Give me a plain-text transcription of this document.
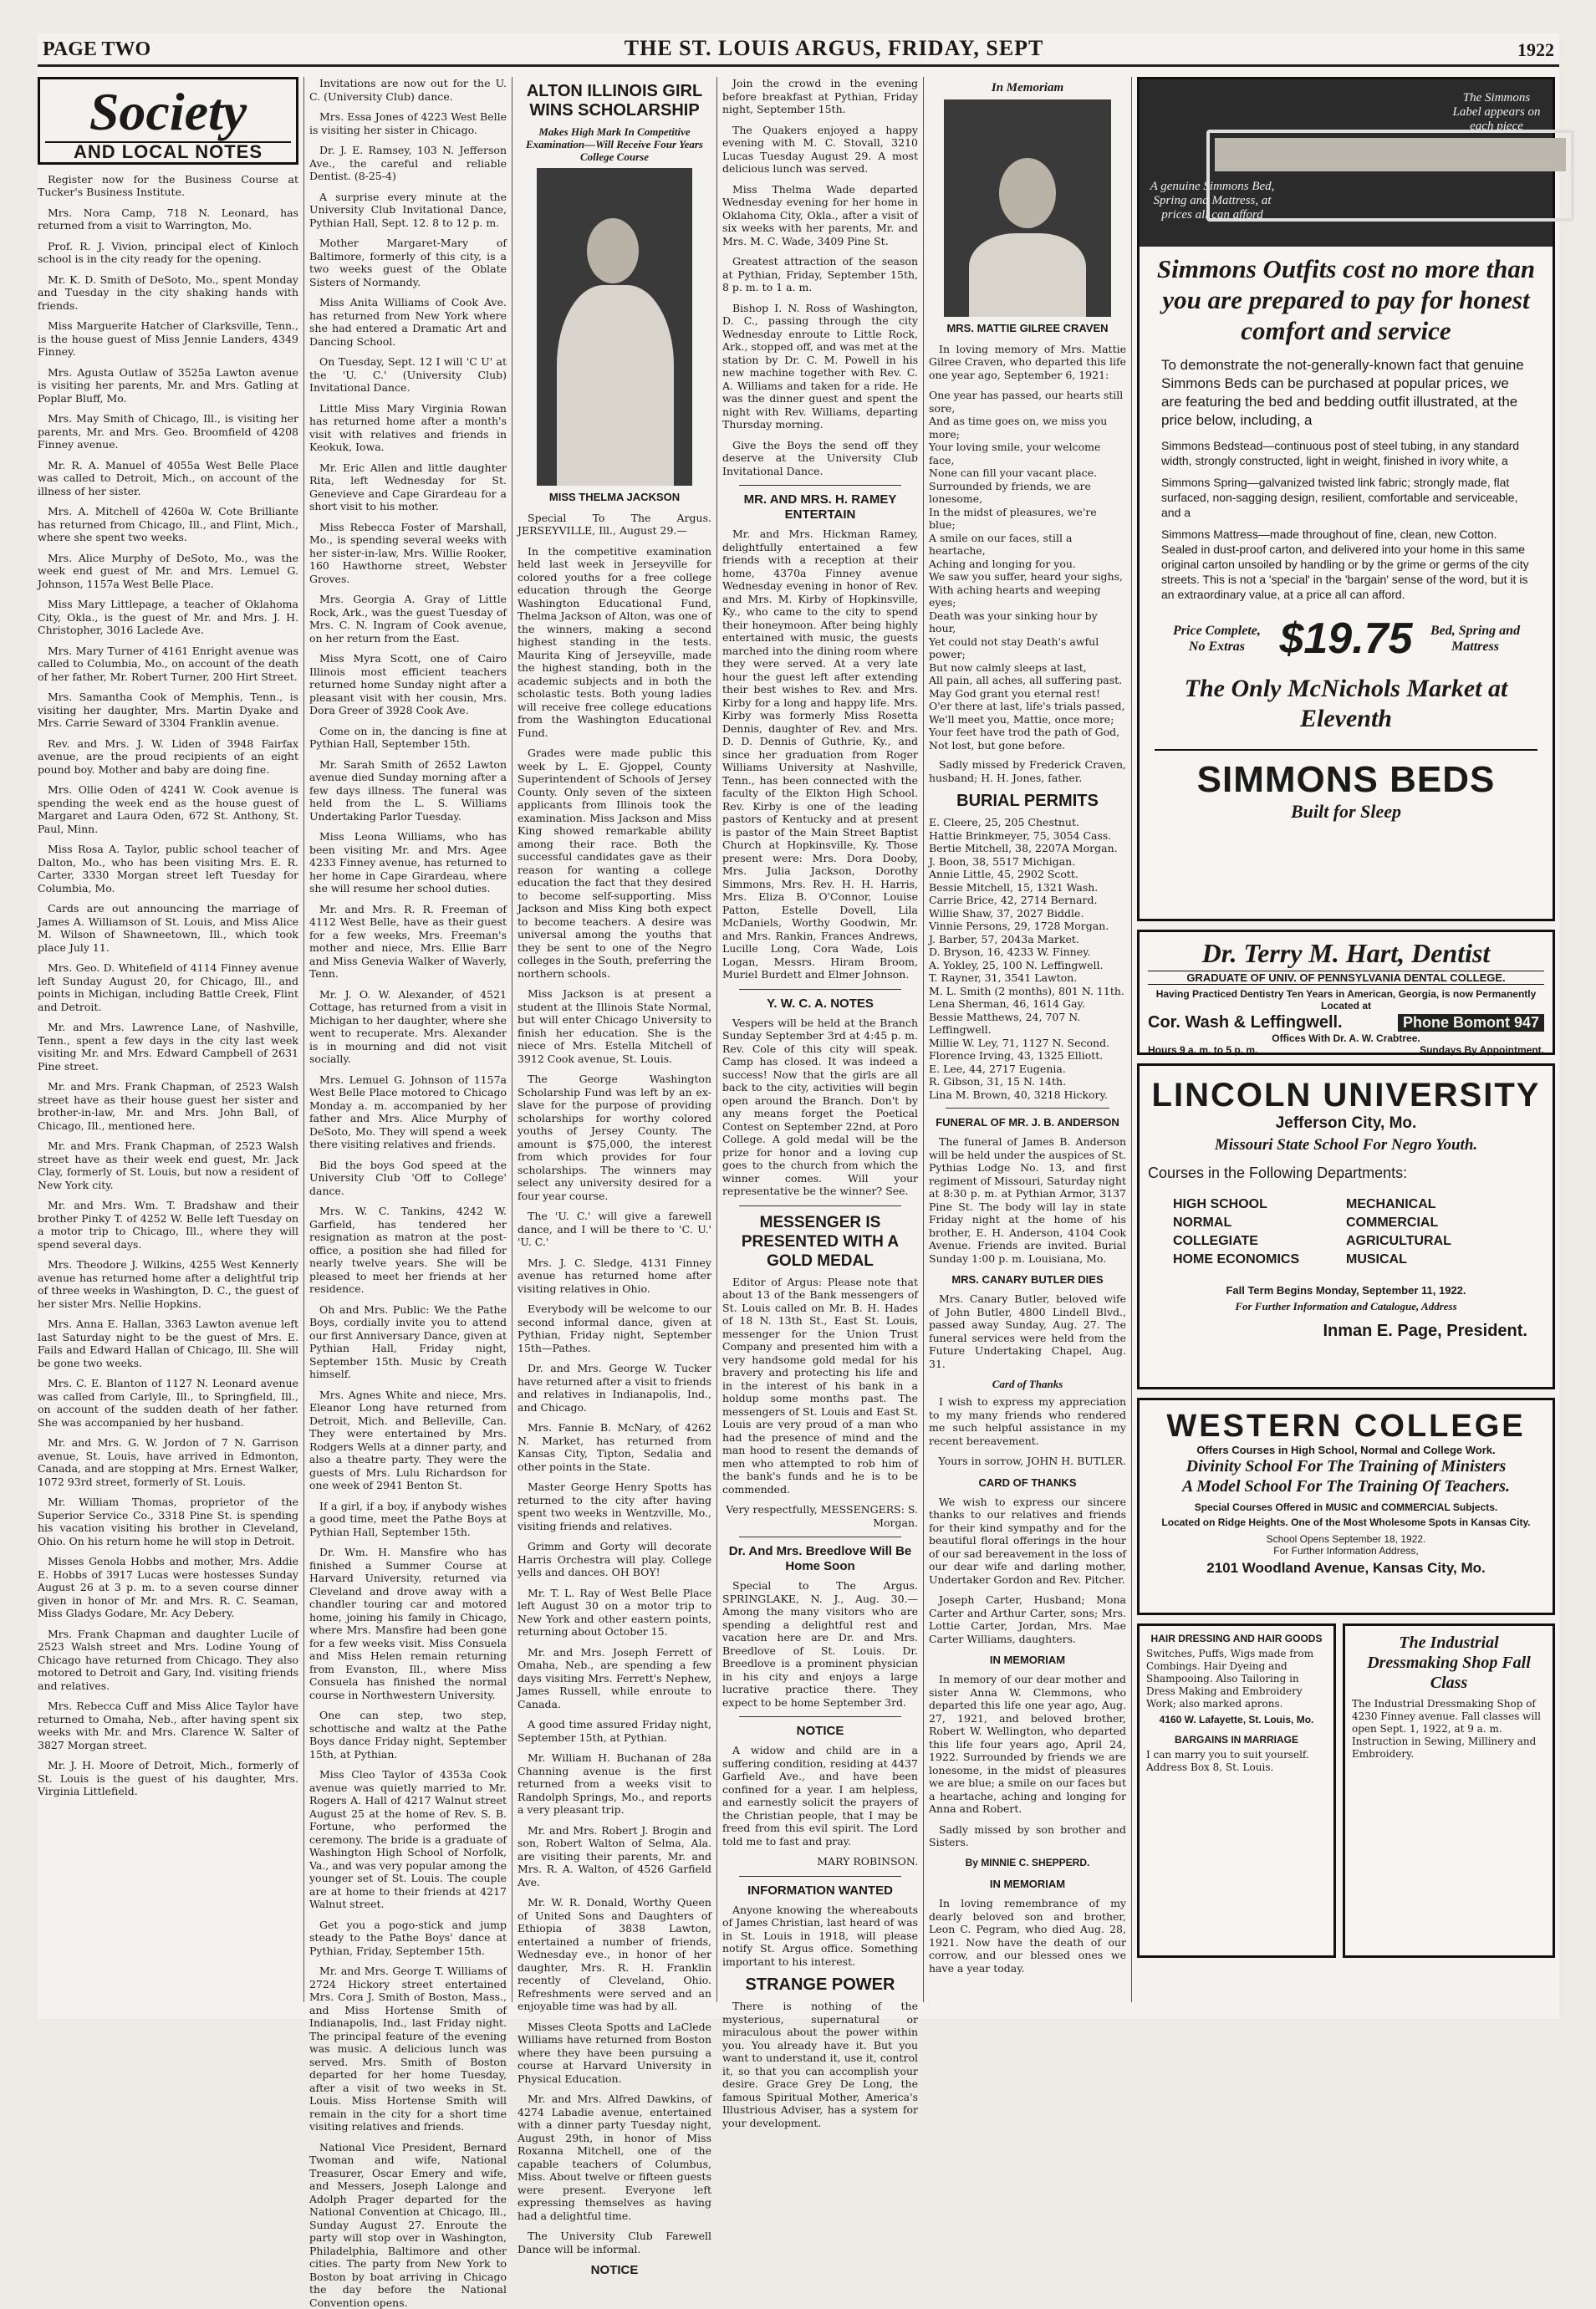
PAGE TWO	THE ST. LOUIS ARGUS, FRIDAY, SEPT	1922
Society
AND LOCAL NOTES

Register now for the Business Course at Tucker's Business Institute.

Mrs. Nora Camp, 718 N. Leonard, has returned from a visit to Warrington, Mo.

Prof. R. J. Vivion, principal elect of Kinloch school is in the city ready for the opening.

Mr. K. D. Smith of DeSoto, Mo., spent Monday and Tuesday in the city shaking hands with friends.

Miss Marguerite Hatcher of Clarksville, Tenn., is the house guest of Miss Jennie Landers, 4349 Finney.

Mrs. Agusta Outlaw of 3525a Lawton avenue is visiting her parents, Mr. and Mrs. Gatling at Poplar Bluff, Mo.

Mrs. May Smith of Chicago, Ill., is visiting her parents, Mr. and Mrs. Geo. Broomfield of 4208 Finney avenue.

Mr. R. A. Manuel of 4055a West Belle Place was called to Detroit, Mich., on account of the illness of her sister.

Mrs. A. Mitchell of 4260a W. Cote Brilliante has returned from Chicago, Ill., and Flint, Mich., where she spent two weeks.

Mrs. Alice Murphy of DeSoto, Mo., was the week end guest of Mr. and Mrs. Lemuel G. Johnson, 1157a West Belle Place.

Miss Mary Littlepage, a teacher of Oklahoma City, Okla., is the guest of Mr. and Mrs. J. H. Christopher, 3016 Laclede Ave.

Mrs. Mary Turner of 4161 Enright avenue was called to Columbia, Mo., on account of the death of her father, Mr. Robert Turner, 200 Hirt Street.

Mrs. Samantha Cook of Memphis, Tenn., is visiting her daughter, Mrs. Martin Dyake and Mrs. Carrie Seward of 3304 Franklin avenue.

Rev. and Mrs. J. W. Liden of 3948 Fairfax avenue, are the proud recipients of an eight pound boy. Mother and baby are doing fine.

Mrs. Ollie Oden of 4241 W. Cook avenue is spending the week end as the house guest of Margaret and Laura Oden, 672 St. Anthony, St. Paul, Minn.

Miss Rosa A. Taylor, public school teacher of Dalton, Mo., who has been visiting Mrs. E. R. Carter, 3330 Morgan street left Tuesday for Columbia, Mo.

Cards are out announcing the marriage of James A. Williamson of St. Louis, and Miss Alice M. Wilson of Shawneetown, Ill., which took place July 11.

Mrs. Geo. D. Whitefield of 4114 Finney avenue left Sunday August 20, for Chicago, Ill., and points in Michigan, including Battle Creek, Flint and Detroit.

Mr. and Mrs. Lawrence Lane, of Nashville, Tenn., spent a few days in the city last week visiting Mr. and Mrs. Edward Campbell of 2631 Pine street.

Mr. and Mrs. Frank Chapman, of 2523 Walsh street have as their house guest her sister and brother-in-law, Mr. and Mrs. John Ball, of Chicago, Ill., mentioned here.

Mr. and Mrs. Frank Chapman, of 2523 Walsh street have as their week end guest, Mr. Jack Clay, formerly of St. Louis, but now a resident of New York city.

Mr. and Mrs. Wm. T. Bradshaw and their brother Pinky T. of 4252 W. Belle left Tuesday on a motor trip to Chicago, Ill., where they will spend several days.

Mrs. Theodore J. Wilkins, 4255 West Kennerly avenue has returned home after a delightful trip of three weeks in Washington, D. C., the guest of her sister Mrs. Nellie Hopkins.

Mrs. Anna E. Hallan, 3363 Lawton avenue left last Saturday night to be the guest of Mrs. E. Fails and Edward Hallan of Chicago, Ill. She will be gone two weeks.

Mrs. C. E. Blanton of 1127 N. Leonard avenue was called from Carlyle, Ill., to Springfield, Ill., on account of the sudden death of her father. She was accompanied by her husband.

Mr. and Mrs. G. W. Jordon of 7 N. Garrison avenue, St. Louis, have arrived in Edmonton, Canada, and are stopping at Mrs. Ernest Walker, 1072 93rd street, formerly of St. Louis.

Mr. William Thomas, proprietor of the Superior Service Co., 3318 Pine St. is spending his vacation visiting his brother in Cleveland, Ohio. On his return home he will stop in Detroit.

Misses Genola Hobbs and mother, Mrs. Addie E. Hobbs of 3917 Lucas were hostesses Sunday August 26 at 3 p. m. to a seven course dinner given in honor of Mr. and Mrs. R. C. Seaman, Miss Gladys Godare, Mr. Acy Debery.

Mrs. Frank Chapman and daughter Lucile of 2523 Walsh street and Mrs. Lodine Young of Chicago have returned from Chicago. They also motored to Detroit and Gary, Ind. visiting friends and relatives.

Mrs. Rebecca Cuff and Miss Alice Taylor have returned to Omaha, Neb., after having spent six weeks with Mr. and Mrs. Clarence W. Salter of 3827 Morgan street.

Mr. J. H. Moore of Detroit, Mich., formerly of St. Louis is the guest of his daughter, Mrs. Virginia Littlefield.

Invitations are now out for the U. C. (University Club) dance.

Mrs. Essa Jones of 4223 West Belle is visiting her sister in Chicago.

Dr. J. E. Ramsey, 103 N. Jefferson Ave., the careful and reliable Dentist. (8-25-4)

A surprise every minute at the University Club Invitational Dance, Pythian Hall, Sept. 12. 8 to 12 p. m.

Mother Margaret-Mary of Baltimore, formerly of this city, is a two weeks guest of the Oblate Sisters of Normandy.

Miss Anita Williams of Cook Ave. has returned from New York where she had entered a Dramatic Art and Dancing School.

On Tuesday, Sept. 12 I will 'C U' at the 'U. C.' (University Club) Invitational Dance.

Little Miss Mary Virginia Rowan has returned home after a month's visit with relatives and friends in Keokuk, Iowa.

Mr. Eric Allen and little daughter Rita, left Wednesday for St. Genevieve and Cape Girardeau for a short visit to his mother.

Miss Rebecca Foster of Marshall, Mo., is spending several weeks with her sister-in-law, Mrs. Willie Rooker, 160 Hawthorne street, Webster Groves.

Mrs. Georgia A. Gray of Little Rock, Ark., was the guest Tuesday of Mrs. C. N. Ingram of Cook avenue, on her return from the East.

Miss Myra Scott, one of Cairo Illinois most efficient teachers returned home Sunday night after a pleasant visit with her cousin, Mrs. Dora Greer of 3928 Cook Ave.

Come on in, the dancing is fine at Pythian Hall, September 15th.

Mr. Sarah Smith of 2652 Lawton avenue died Sunday morning after a few days illness. The funeral was held from the L. S. Williams Undertaking Parlor Tuesday.

Miss Leona Williams, who has been visiting Mr. and Mrs. Agee 4233 Finney avenue, has returned to her home in Cape Girardeau, where she will resume her school duties.

Mr. and Mrs. R. R. Freeman of 4112 West Belle, have as their guest for a few weeks, Mrs. Freeman's mother and niece, Mrs. Ellie Barr and Miss Genevia Walker of Waverly, Tenn.

Mr. J. O. W. Alexander, of 4521 Cottage, has returned from a visit in Michigan to her daughter, where she went to recuperate. Mrs. Alexander is in mourning and did not visit socially.

Mrs. Lemuel G. Johnson of 1157a West Belle Place motored to Chicago Monday a. m. accompanied by her father and Mrs. Alice Murphy of DeSoto, Mo. They will spend a week there visiting relatives and friends.

Bid the boys God speed at the University Club 'Off to College' dance.

Mrs. W. C. Tankins, 4242 W. Garfield, has tendered her resignation as matron at the post-office, a position she had filled for nearly twelve years. She will be pleased to meet her friends at her residence.

Oh and Mrs. Public: We the Pathe Boys, cordially invite you to attend our first Anniversary Dance, given at Pythian Hall, Friday night, September 15th. Music by Creath himself.

Mrs. Agnes White and niece, Mrs. Eleanor Long have returned from Detroit, Mich. and Belleville, Can. They were entertained by Mrs. Rodgers Wells at a dinner party, and also a theatre party. They were the guests of Mrs. Lulu Richardson for one week of 2941 Benton St.

If a girl, if a boy, if anybody wishes a good time, meet the Pathe Boys at Pythian Hall, September 15th.

Dr. Wm. H. Mansfire who has finished a Summer Course at Harvard University, returned via Cleveland and drove away with a chandler touring car and motored home, joining his family in Chicago, where Mrs. Mansfire had been gone for a few weeks visit. Miss Consuela and Miss Helen remain returning from Evanston, Ill., where Miss Consuela has finished the normal course in Northwestern University.

One can step, two step, schottische and waltz at the Pathe Boys dance Friday night, September 15th, at Pythian.

Miss Cleo Taylor of 4353a Cook avenue was quietly married to Mr. Rogers A. Hall of 4217 Walnut street August 25 at the home of Rev. S. B. Fortune, who performed the ceremony. The bride is a graduate of Washington High School of Norfolk, Va., and was very popular among the younger set of St. Louis. The couple are at home to their friends at 4217 Walnut street.

Get you a pogo-stick and jump steady to the Pathe Boys' dance at Pythian, Friday, September 15th.

Mr. and Mrs. George T. Williams of 2724 Hickory street entertained Mrs. Cora J. Smith of Boston, Mass., and Miss Hortense Smith of Indianapolis, Ind., last Friday night. The principal feature of the evening was music. A delicious lunch was served. Mrs. Smith of Boston departed for her home Tuesday, after a visit of two weeks in St. Louis. Miss Hortense Smith will remain in the city for a short time visiting relatives and friends.

National Vice President, Bernard Twoman and wife, National Treasurer, Oscar Emery and wife, and Messers, Joseph Lalonge and Adolph Prager departed for the National Convention at Chicago, Ill., Sunday August 27. Enroute the party will stop over in Washington, Philadelphia, Baltimore and other cities. The party from New York to Boston by boat arriving in Chicago the day before the National Convention opens.

ALTON ILLINOIS GIRL WINS SCHOLARSHIP
Makes High Mark In Competitive Examination—Will Receive Four Years College Course

MISS THELMA JACKSON

Special To The Argus. JERSEYVILLE, Ill., August 29.—

In the competitive examination held last week in Jerseyville for colored youths for a free college education through the George Washington Educational Fund, Thelma Jackson of Alton, was one of the winners, making a second highest standing in the tests. Maurita King of Jerseyville, made the highest standing, both in the academic subjects and in both the scholastic tests. Both young ladies will receive free college educations from the Washington Educational Fund.

Grades were made public this week by L. E. Gjoppel, County Superintendent of Schools of Jersey County. Only seven of the sixteen applicants from Illinois took the examination. Miss Jackson and Miss King showed remarkable ability among their race. Both the successful candidates gave as their reason for wanting a college education the fact that they desired to become self-supporting. Miss Jackson and Miss King both expect to become teachers. A desire was universal among the youths that they be sent to one of the Negro colleges in the South, preferring the northern schools.

Miss Jackson is at present a student at the Illinois State Normal, but will enter Chicago University to finish her education. She is the niece of Mrs. Estella Mitchell of 3912 Cook avenue, St. Louis.

The George Washington Scholarship Fund was left by an ex-slave for the purpose of providing scholarships for worthy colored youths of Jersey County. The amount is $75,000, the interest from which provides for four scholarships. The winners may select any university desired for a four year course.

The 'U. C.' will give a farewell dance, and I will be there to 'C. U.' 'U. C.'

Mrs. J. C. Sledge, 4131 Finney avenue has returned home after visiting relatives in Ohio.

Everybody will be welcome to our second informal dance, given at Pythian, Friday night, September 15th—Pathes.

Dr. and Mrs. George W. Tucker have returned after a visit to friends and relatives in Indianapolis, Ind., and Chicago.

Mrs. Fannie B. McNary, of 4262 N. Market, has returned from Kansas City, Tipton, Sedalia and other points in the State.

Master George Henry Spotts has returned to the city after having spent two weeks in Wentzville, Mo., visiting friends and relatives.

Grimm and Gorty will decorate Harris Orchestra will play. College yells and dances. OH BOY!

Mr. T. L. Ray of West Belle Place left August 30 on a motor trip to New York and other eastern points, returning about October 15.

Mr. and Mrs. Joseph Ferrett of Omaha, Neb., are spending a few days visiting Mrs. Ferrett's Nephew, James Russell, while enroute to Canada.

A good time assured Friday night, September 15th, at Pythian.

Mr. William H. Buchanan of 28a Channing avenue is the first returned from a weeks visit to Randolph Springs, Mo., and reports a very pleasant trip.

Mr. and Mrs. Robert J. Brogin and son, Robert Walton of Selma, Ala. are visiting their parents, Mr. and Mrs. R. A. Walton, of 4526 Garfield Ave.

Mr. W. R. Donald, Worthy Queen of United Sons and Daughters of Ethiopia of 3838 Lawton, entertained a number of friends, Wednesday eve., in honor of her daughter, Mrs. R. H. Franklin recently of Cleveland, Ohio. Refreshments were served and an enjoyable time was had by all.

Misses Cleota Spotts and LaClede Williams have returned from Boston where they have been pursuing a course at Harvard University in Physical Education.

Mr. and Mrs. Alfred Dawkins, of 4274 Labadie avenue, entertained with a dinner party Tuesday night, August 29th, in honor of Miss Roxanna Mitchell, one of the capable teachers of Columbus, Miss. About twelve or fifteen guests were present. Everyone left expressing themselves as having had a delightful time.

The University Club Farewell Dance will be informal.

NOTICE

Join the crowd in the evening before breakfast at Pythian, Friday night, September 15th.

The Quakers enjoyed a happy evening with M. C. Stovall, 3210 Lucas Tuesday August 29. A most delicious lunch was served.

Miss Thelma Wade departed Wednesday evening for her home in Oklahoma City, Okla., after a visit of six weeks with her parents, Mr. and Mrs. M. C. Wade, 3409 Pine St.

Greatest attraction of the season at Pythian, Friday, September 15th, 8 p. m. to 1 a. m.

Bishop I. N. Ross of Washington, D. C., passing through the city Wednesday enroute to Little Rock, Ark., stopped off, and was met at the station by Dr. C. M. Powell in his new machine together with Rev. C. A. Williams and taken for a ride. He was the dinner guest and spent the night with Rev. Williams, departing Thursday morning.

Give the Boys the send off they deserve at the University Club Invitational Dance.

MR. AND MRS. H. RAMEY ENTERTAIN

Mr. and Mrs. Hickman Ramey, delightfully entertained a few friends with a reception at their home, 4370a Finney avenue Wednesday evening in honor of Rev. and Mrs. M. Kirby of Hopkinsville, Ky., who came to the city to spend their honeymoon. After being highly entertained with music, the guests marched into the dining room where they were served. At a very late hour the guest left after extending their best wishes to Rev. and Mrs. Kirby for a long and happy life. Mrs. Kirby was formerly Miss Rosetta Dennis, daughter of Rev. and Mrs. D. D. Dennis of Guthrie, Ky., and since her graduation from Roger Williams University at Nashville, Tenn., has been connected with the faculty of the Elkton High School. Rev. Kirby is one of the leading pastors of Kentucky and at present is pastor of the Main Street Baptist Church at Hopkinsville, Ky. Those present were: Mrs. Dora Dooby, Mrs. Julia Jackson, Dorothy Simmons, Mrs. Rev. H. H. Harris, Mrs. Eliza B. O'Connor, Louise Patton, Estelle Dovell, Lila McDaniels, Worthy Goodwin, Mr. and Mrs. Rankin, Frances Andrews, Lucille Long, Cora Wade, Lois Logan, Messrs. Hiram Broom, Muriel Burdett and Elmer Johnson.

Y. W. C. A. NOTES

Vespers will be held at the Branch Sunday September 3rd at 4:45 p. m. Rev. Cole of this city will speak. Camp has closed. It was indeed a success! Now that the girls are all back to the city, activities will begin open around the Branch. Don't by any means forget the Poetical Contest on September 22nd, at Poro College. A gold medal will be the prize for honor and a loving cup goes to the church from which the winner comes. Will your representative be the winner? See.

MESSENGER IS PRESENTED WITH A GOLD MEDAL

Editor of Argus: Please note that about 13 of the Bank messengers of St. Louis called on Mr. B. H. Hades of 18 N. 13th St., East St. Louis, messenger for the Union Trust Company and presented him with a very handsome gold medal for his bravery and protecting his life and in the interest of his bank in a holdup some months past. The messengers of St. Louis and East St. Louis are very proud of a man who had the presence of mind and the man hood to resent the demands of men who attempted to rob him of the bank's funds and he is to be commended.

Very respectfully, MESSENGERS: S. Morgan.

Dr. And Mrs. Breedlove Will Be Home Soon

Special to The Argus. SPRINGLAKE, N. J., Aug. 30.—Among the many visitors who are spending a delightful rest and vacation here are Dr. and Mrs. Breedlove of St. Louis. Dr. Breedlove is a prominent physician in his city and enjoys a large lucrative practice there. They expect to be home September 3rd.

NOTICE

A widow and child are in a suffering condition, residing at 4437 Garfield Ave., and have been confined for a year. I am helpless, and earnestly solicit the prayers of the Christian people, that I may be freed from this evil spirit. The Lord told me to fast and pray.

MARY ROBINSON.

INFORMATION WANTED

Anyone knowing the whereabouts of James Christian, last heard of was in St. Louis in 1918, will please notify St. Argus office. Something important to his interest.

STRANGE POWER

There is nothing of the mysterious, supernatural or miraculous about the power within you. You already have it. But you want to understand it, use it, control it, so that you can accomplish your desire. Grace Grey De Long, the famous Spiritual Mother, America's Illustrious Adviser, has a system for your development.

In Memoriam

MRS. MATTIE GILREE CRAVEN

In loving memory of Mrs. Mattie Gilree Craven, who departed this life one year ago, September 6, 1921:

One year has passed, our hearts still sore,
And as time goes on, we miss you more;
Your loving smile, your welcome face,
None can fill your vacant place.
Surrounded by friends, we are lonesome,
In the midst of pleasures, we're blue;
A smile on our faces, still a heartache,
Aching and longing for you.
We saw you suffer, heard your sighs,
With aching hearts and weeping eyes;
Death was your sinking hour by hour,
Yet could not stay Death's awful power;
But now calmly sleeps at last,
All pain, all aches, all suffering past.
May God grant you eternal rest!
O'er there at last, life's trials passed,
We'll meet you, Mattie, once more;
Your feet have trod the path of God,
Not lost, but gone before.

Sadly missed by Frederick Craven, husband; H. H. Jones, father.

BURIAL PERMITS
E. Cleere, 25, 205 Chestnut.
Hattie Brinkmeyer, 75, 3054 Cass.
Bertie Mitchell, 38, 2207A Morgan.
J. Boon, 38, 5517 Michigan.
Annie Little, 45, 2902 Scott.
Bessie Mitchell, 15, 1321 Wash.
Carrie Brice, 42, 2714 Bernard.
Willie Shaw, 37, 2027 Biddle.
Vinnie Persons, 29, 1728 Morgan.
J. Barber, 57, 2043a Market.
D. Bryson, 16, 4233 W. Finney.
A. Yokley, 25, 100 N. Leffingwell.
T. Rayner, 31, 3541 Lawton.
M. L. Smith (2 months), 801 N. 11th.
Lena Sherman, 46, 1614 Gay.
Bessie Matthews, 24, 707 N. Leffingwell.
Millie W. Ley, 71, 1127 N. Second.
Florence Irving, 43, 1325 Elliott.
E. Lee, 44, 2717 Eugenia.
R. Gibson, 31, 15 N. 14th.
Lina M. Brown, 40, 3218 Hickory.
FUNERAL OF MR. J. B. ANDERSON

The funeral of James B. Anderson will be held under the auspices of St. Pythias Lodge No. 13, and first regiment of Missouri, Saturday night at 8:30 p. m. at Pythian Armor, 3137 Pine St. The body will lay in state Friday night at the home of his brother, E. H. Anderson, 4104 Cook Avenue. Friends are invited. Burial Sunday 1:00 p. m. Louisiana, Mo.

MRS. CANARY BUTLER DIES

Mrs. Canary Butler, beloved wife of John Butler, 4800 Lindell Blvd., passed away Sunday, Aug. 27. The funeral services were held from the Future Undertaking Chapel, Aug. 31.

Card of Thanks

I wish to express my appreciation to my many friends who rendered me such helpful assistance in my recent bereavement.

Yours in sorrow, JOHN H. BUTLER.

CARD OF THANKS

We wish to express our sincere thanks to our relatives and friends for their kind sympathy and for the beautiful floral offerings in the hour of our sad bereavement in the loss of our dear wife and darling mother, Undertaker Gordon and Rev. Pitcher.

Joseph Carter, Husband; Mona Carter and Arthur Carter, sons; Mrs. Lottie Carter, Jordan, Mrs. Mae Carter Williams, daughters.

IN MEMORIAM

In memory of our dear mother and sister Anna W. Clemmons, who departed this life one year ago, Aug. 27, 1921, and beloved brother, Robert W. Wellington, who departed this life four years ago, April 24, 1922. Surrounded by friends we are lonesome, in the midst of pleasures we are blue; a smile on our faces but a heartache, aching and longing for Anna and Robert.

Sadly missed by son brother and Sisters.

By MINNIE C. SHEPPERD.

IN MEMORIAM

In loving remembrance of my dearly beloved son and brother, Leon C. Pegram, who died Aug. 28, 1921. Now have the death of our corrow, and our blessed ones we have a year today.

The Simmons Label appears on each piece
A genuine Simmons Bed, Spring and Mattress, at prices all can afford
Simmons Outfits cost no more than you are prepared to pay for honest comfort and service
To demonstrate the not-generally-known fact that genuine Simmons Beds can be purchased at popular prices, we are featuring the bed and bedding outfit illustrated, at the price below, including, a
Simmons Bedstead—continuous post of steel tubing, in any standard width, strongly constructed, light in weight, finished in ivory white, a
Simmons Spring—galvanized twisted link fabric; strongly made, flat surfaced, non-sagging design, resilient, comfortable and serviceable, and a
Simmons Mattress—made throughout of fine, clean, new Cotton. Sealed in dust-proof carton, and delivered into your home in this same original carton unsoiled by handling or by the grime or germs of the city streets. This is not a 'special' in the 'bargain' sense of the word, but it is an extraordinary value, at a price all can afford.
Price Complete, No Extras $19.75 Bed, Spring and Mattress
The Only McNichols Market at Eleventh
SIMMONS BEDS
Built for Sleep
Dr. Terry M. Hart, Dentist
GRADUATE OF UNIV. OF PENNSYLVANIA DENTAL COLLEGE.
Having Practiced Dentistry Ten Years in American, Georgia, is now Permanently Located at
Cor. Wash & Leffingwell.	Phone Bomont 947
Offices With Dr. A. W. Crabtree.
Hours 9 a. m. to 5 p. m.	Sundays By Appointment.
LINCOLN UNIVERSITY
Jefferson City, Mo.
Missouri State School For Negro Youth.
Courses in the Following Departments:
HIGH SCHOOL	MECHANICAL
NORMAL	COMMERCIAL
COLLEGIATE	AGRICULTURAL
HOME ECONOMICS	MUSICAL
Fall Term Begins Monday, September 11, 1922.
For Further Information and Catalogue, Address
Inman E. Page, President.
WESTERN COLLEGE
Offers Courses in High School, Normal and College Work.
Divinity School For The Training of Ministers
A Model School For The Training Of Teachers.
Special Courses Offered in MUSIC and COMMERCIAL Subjects.
Located on Ridge Heights. One of the Most Wholesome Spots in Kansas City.
School Opens September 18, 1922.
For Further Information Address,
2101 Woodland Avenue, Kansas City, Mo.
HAIR DRESSING AND HAIR GOODS
Switches, Puffs, Wigs made from Combings. Hair Dyeing and Shampooing. Also Tailoring in Dress Making and Embroidery Work; also marked aprons.
4160 W. Lafayette, St. Louis, Mo.
BARGAINS IN MARRIAGE
I can marry you to suit yourself. Address Box 8, St. Louis.
The Industrial Dressmaking Shop Fall Class
The Industrial Dressmaking Shop of 4230 Finney avenue. Fall classes will open Sept. 1, 1922, at 9 a. m. Instruction in Sewing, Millinery and Embroidery.
